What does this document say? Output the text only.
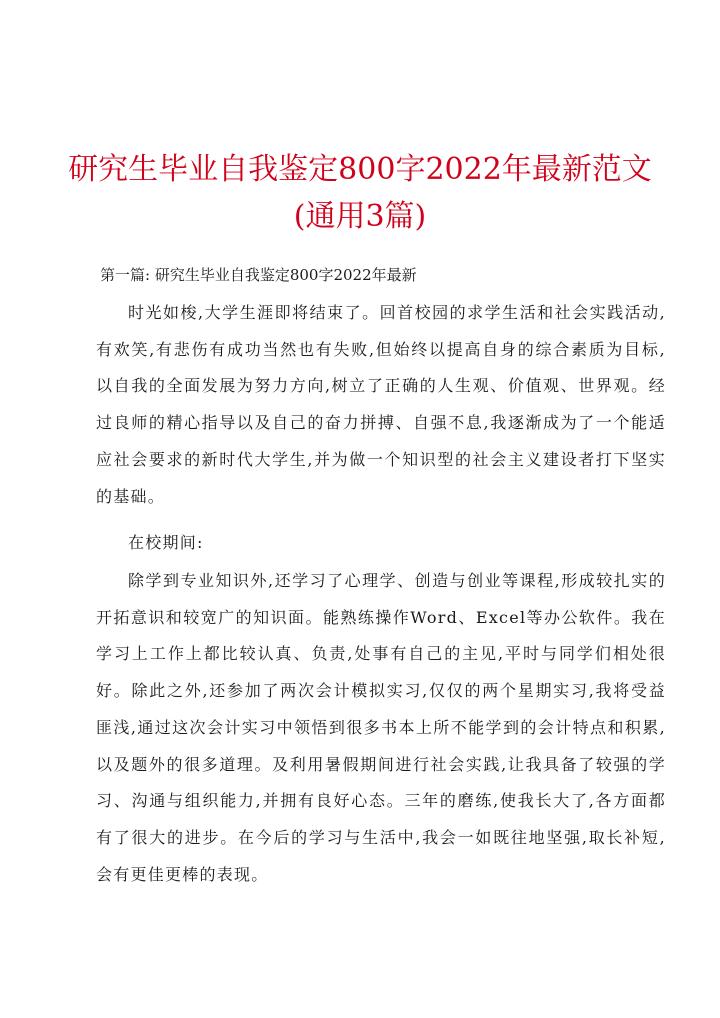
研究生毕业自我鉴定800字2022年最新范文
(通用3篇)

第一篇: 研究生毕业自我鉴定800字2022年最新

时光如梭,大学生涯即将结束了。回首校园的求学生活和社会实践活动,有欢笑,有悲伤有成功当然也有失败,但始终以提高自身的综合素质为目标,以自我的全面发展为努力方向,树立了正确的人生观、价值观、世界观。经过良师的精心指导以及自己的奋力拼搏、自强不息,我逐渐成为了一个能适应社会要求的新时代大学生,并为做一个知识型的社会主义建设者打下坚实的基础。

在校期间:

除学到专业知识外,还学习了心理学、创造与创业等课程,形成较扎实的开拓意识和较宽广的知识面。能熟练操作Word、Excel等办公软件。我在学习上工作上都比较认真、负责,处事有自己的主见,平时与同学们相处很好。除此之外,还参加了两次会计模拟实习,仅仅的两个星期实习,我将受益匪浅,通过这次会计实习中领悟到很多书本上所不能学到的会计特点和积累,以及题外的很多道理。及利用暑假期间进行社会实践,让我具备了较强的学习、沟通与组织能力,并拥有良好心态。三年的磨练,使我长大了,各方面都有了很大的进步。在今后的学习与生活中,我会一如既往地坚强,取长补短,会有更佳更棒的表现。
